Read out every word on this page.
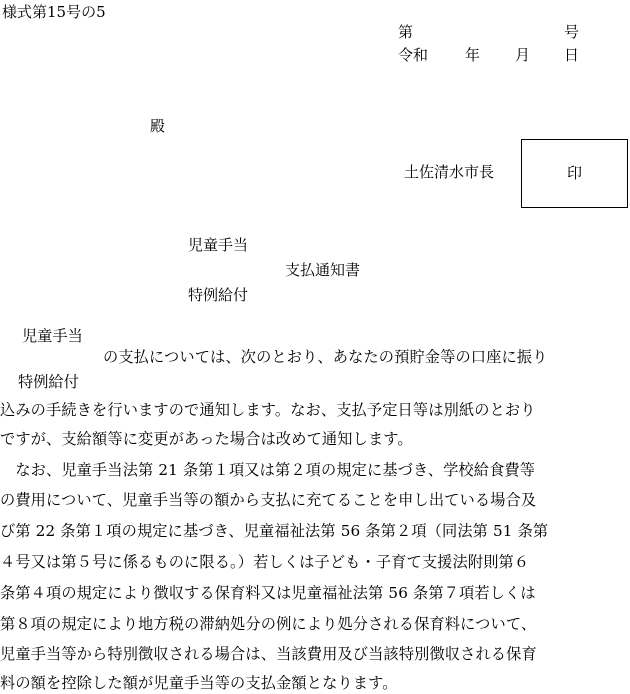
様式第15号の5
第	号
令和 年 月 日
殿
土佐清水市長	印
児童手当
支払通知書
特例給付
児童手当
の支払については、次のとおり、あなたの預貯金等の口座に振り
特例給付
込みの手続きを行いますので通知します。なお、支払予定日等は別紙のとおり
ですが、支給額等に変更があった場合は改めて通知します。
　なお、児童手当法第 21 条第１項又は第２項の規定に基づき、学校給食費等
の費用について、児童手当等の額から支払に充てることを申し出ている場合及
び第 22 条第１項の規定に基づき、児童福祉法第 56 条第２項（同法第 51 条第
４号又は第５号に係るものに限る。）若しくは子ども・子育て支援法附則第６
条第４項の規定により徴収する保育料又は児童福祉法第 56 条第７項若しくは
第８項の規定により地方税の滞納処分の例により処分される保育料について、
児童手当等から特別徴収される場合は、当該費用及び当該特別徴収される保育
料の額を控除した額が児童手当等の支払金額となります。
